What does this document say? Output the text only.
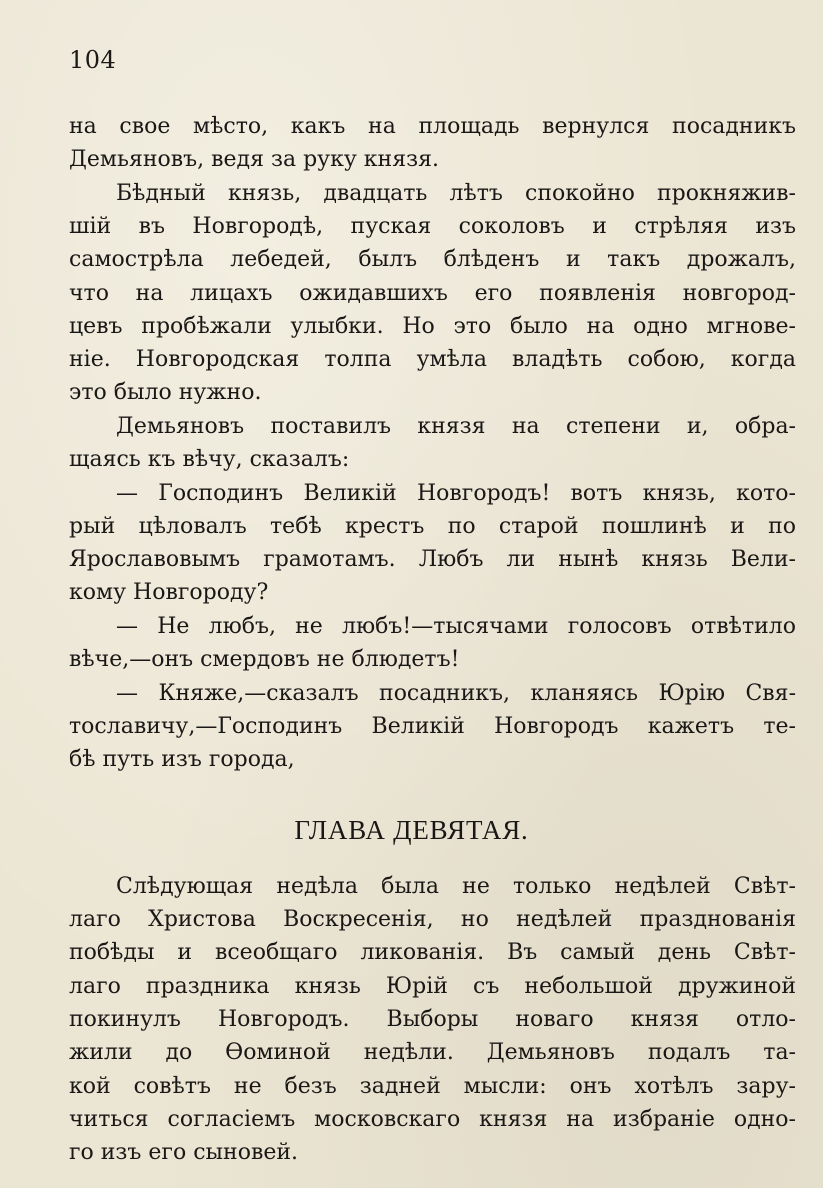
104
на свое мѣсто, какъ на площадь вернулся посадникъ
Демьяновъ, ведя за руку князя.
Бѣдный князь, двадцать лѣтъ спокойно прокняжив-
шій въ Новгородѣ, пуская соколовъ и стрѣляя изъ
самострѣла лебедей, былъ блѣденъ и такъ дрожалъ,
что на лицахъ ожидавшихъ его появленія новгород-
цевъ пробѣжали улыбки. Но это было на одно мгнове-
ніе. Новгородская толпа умѣла владѣть собою, когда
это было нужно.
Демьяновъ поставилъ князя на степени и, обра-
щаясь къ вѣчу, сказалъ:
— Господинъ Великій Новгородъ! вотъ князь, кото-
рый цѣловалъ тебѣ крестъ по старой пошлинѣ и по
Ярославовымъ грамотамъ. Любъ ли нынѣ князь Вели-
кому Новгороду?
— Не любъ, не любъ!—тысячами голосовъ отвѣтило
вѣче,—онъ смердовъ не блюдетъ!
— Княже,—сказалъ посадникъ, кланяясь Юрію Свя-
тославичу,—Господинъ Великій Новгородъ кажетъ те-
бѣ путь изъ города,
ГЛАВА ДЕВЯТАЯ.
Слѣдующая недѣла была не только недѣлей Свѣт-
лаго Христова Воскресенія, но недѣлей празднованія
побѣды и всеобщаго ликованія. Въ самый день Свѣт-
лаго праздника князь Юрій съ небольшой дружиной
покинулъ Новгородъ. Выборы новаго князя отло-
жили до Ѳоминой недѣли. Демьяновъ подалъ та-
кой совѣтъ не безъ задней мысли: онъ хотѣлъ зару-
читься согласіемъ московскаго князя на избраніе одно-
го изъ его сыновей.
